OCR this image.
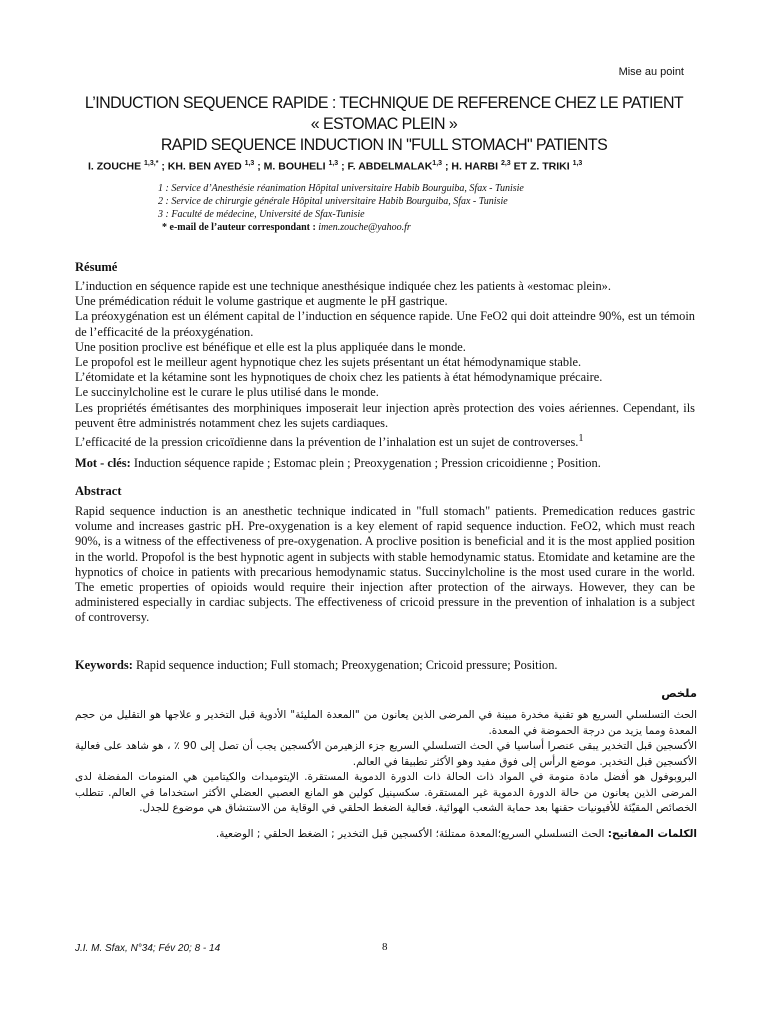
Mise au point
L’INDUCTION SEQUENCE RAPIDE : TECHNIQUE DE REFERENCE CHEZ LE PATIENT
« ESTOMAC PLEIN »
RAPID SEQUENCE INDUCTION IN "FULL STOMACH" PATIENTS
I. ZOUCHE $^{1,3,*}$ ; KH. BEN AYED $^{1,3}$ ; M. BOUHELI $^{1,3}$ ; F. ABDELMALAK$^{1,3}$ ; H. HARBI $^{2,3}$ ET Z. TRIKI $^{1,3}$
1 : Service d’Anesthésie réanimation Hôpital universitaire Habib Bourguiba, Sfax - Tunisie
2 : Service de chirurgie générale Hôpital universitaire Habib Bourguiba, Sfax - Tunisie
3 : Faculté de médecine, Université de Sfax-Tunisie
* e-mail de l’auteur correspondant : imen.zouche@yahoo.fr
Résumé

L’induction en séquence rapide est une technique anesthésique indiquée chez les patients à «estomac plein».

Une prémédication réduit le volume gastrique et augmente le pH gastrique.

La préoxygénation est un élément capital de l’induction en séquence rapide. Une FeO2 qui doit atteindre 90%, est un témoin de l’efficacité de la préoxygénation.

Une position proclive est bénéfique et elle est la plus appliquée dans le monde.

Le propofol est le meilleur agent hypnotique chez les sujets présentant un état hémodynamique stable.

L’étomidate et la kétamine sont les hypnotiques de choix chez les patients à état hémodynamique précaire.

Le succinylcholine est le curare le plus utilisé dans le monde.

Les propriétés émétisantes des morphiniques imposerait leur injection après protection des voies aériennes. Cependant, ils peuvent être administrés notamment chez les sujets cardiaques.

L’efficacité de la pression cricoïdienne dans la prévention de l’inhalation est un sujet de controverses.$^1$

Mot - clés: Induction séquence rapide ; Estomac plein ; Preoxygenation ; Pression cricoidienne ; Position.
Abstract
Rapid sequence induction is an anesthetic technique indicated in "full stomach" patients. Premedication reduces gastric volume and increases gastric pH. Pre-oxygenation is a key element of rapid sequence induction. FeO2, which must reach 90%, is a witness of the effectiveness of pre-oxygenation. A proclive position is beneficial and it is the most applied position in the world. Propofol is the best hypnotic agent in subjects with stable hemodynamic status. Etomidate and ketamine are the hypnotics of choice in patients with precarious hemodynamic status. Succinylcholine is the most used curare in the world. The emetic properties of opioids would require their injection after protection of the airways. However, they can be administered especially in cardiac subjects. The effectiveness of cricoid pressure in the prevention of inhalation is a subject of controversy.
Keywords: Rapid sequence induction; Full stomach; Preoxygenation; Cricoid pressure; Position.
ملخص

الحث التسلسلي السريع هو تقنية مخدرة مبينة في المرضى الذين يعانون من "المعدة المليئة" الأدوية قبل التخدير و علاجها هو التقليل من حجم المعدة ومما يزيد من درجة الحموضة في المعدة.

الأكسجين قبل التخدير يبقى عنصرا أساسيا في الحث التسلسلي السريع جزء الزهيرمن الأكسجين يجب أن تصل إلى 90 ٪ ، هو شاهد على فعالية الأكسجين قبل التخدير. موضع الرأس إلى فوق مفيد وهو الأكثر تطبيقا في العالم.

البروبوفول هو أفضل مادة منومة في المواد ذات الحالة ذات الدورة الدموية المستقرة. الإيتوميدات والكيتامين هي المنومات المفضلة لدى المرضى الذين يعانون من حالة الدورة الدموية غير المستقرة. سكسينيل كولين هو المانع العصبي العضلي الأكثر استخداما في العالم. تتطلب الخصائص المقيّئة للأفيونيات حقنها بعد حماية الشعب الهوائية. فعالية الضغط الحلقي في الوقاية من الاستنشاق هي موضوع للجدل.

الكلمات المفاتيح: الحث التسلسلي السريع؛المعدة ممتلئة؛ الأكسجين قبل التخدير ; الضغط الحلقي ; الوضعية.
J.I. M. Sfax, N°34; Fév 20; 8 - 14	8
